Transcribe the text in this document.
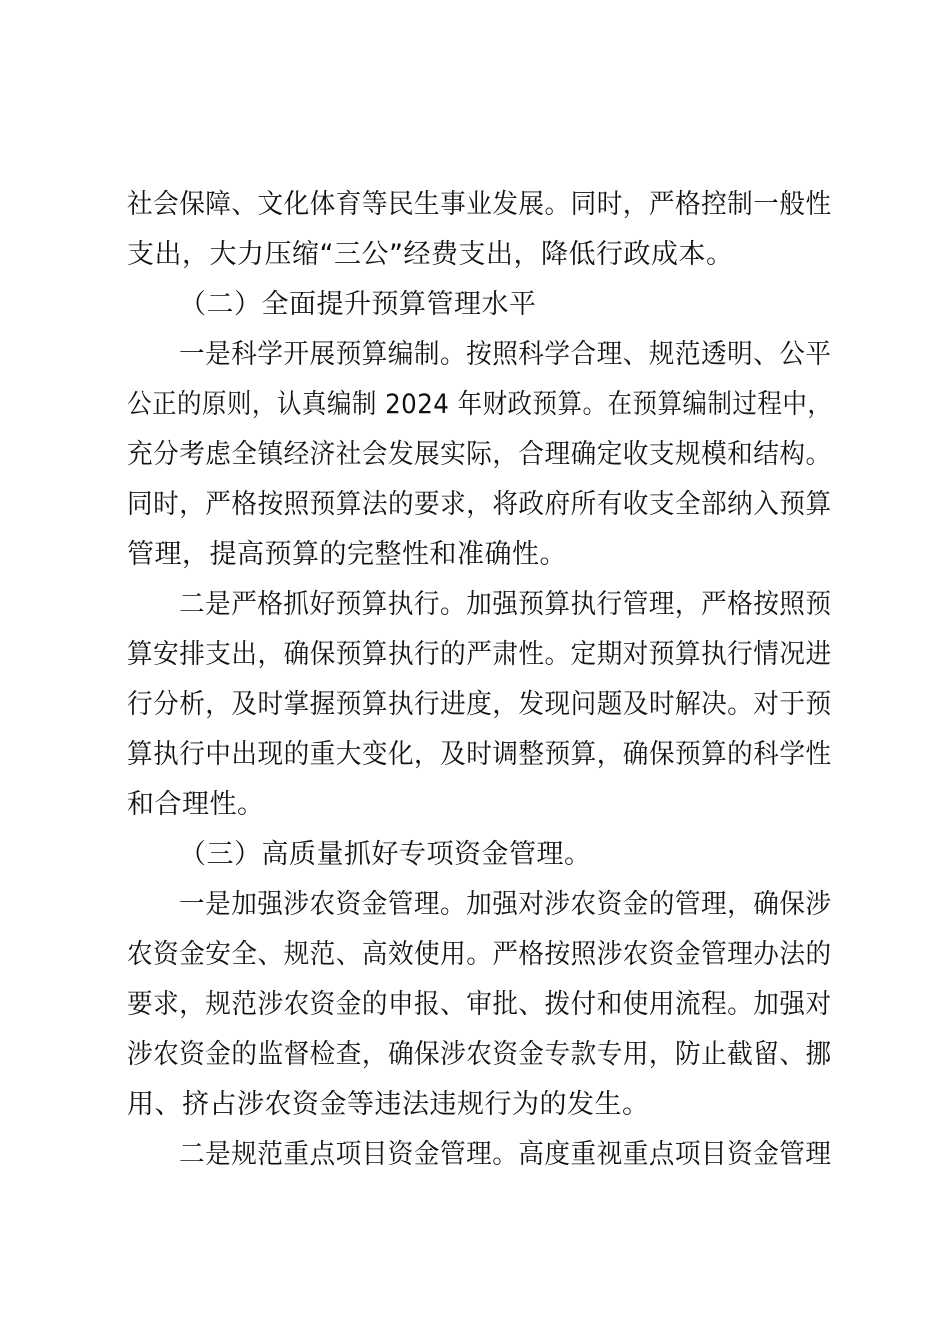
社会保障、文化体育等民生事业发展。同时，严格控制一般性
支出，大力压缩“三公”经费支出，降低行政成本。
（二）全面提升预算管理水平
一是科学开展预算编制。按照科学合理、规范透明、公平
公正的原则，认真编制 2024 年财政预算。在预算编制过程中，
充分考虑全镇经济社会发展实际，合理确定收支规模和结构。
同时，严格按照预算法的要求，将政府所有收支全部纳入预算
管理，提高预算的完整性和准确性。
二是严格抓好预算执行。加强预算执行管理，严格按照预
算安排支出，确保预算执行的严肃性。定期对预算执行情况进
行分析，及时掌握预算执行进度，发现问题及时解决。对于预
算执行中出现的重大变化，及时调整预算，确保预算的科学性
和合理性。
（三）高质量抓好专项资金管理。
一是加强涉农资金管理。加强对涉农资金的管理，确保涉
农资金安全、规范、高效使用。严格按照涉农资金管理办法的
要求，规范涉农资金的申报、审批、拨付和使用流程。加强对
涉农资金的监督检查，确保涉农资金专款专用，防止截留、挪
用、挤占涉农资金等违法违规行为的发生。
二是规范重点项目资金管理。高度重视重点项目资金管理
